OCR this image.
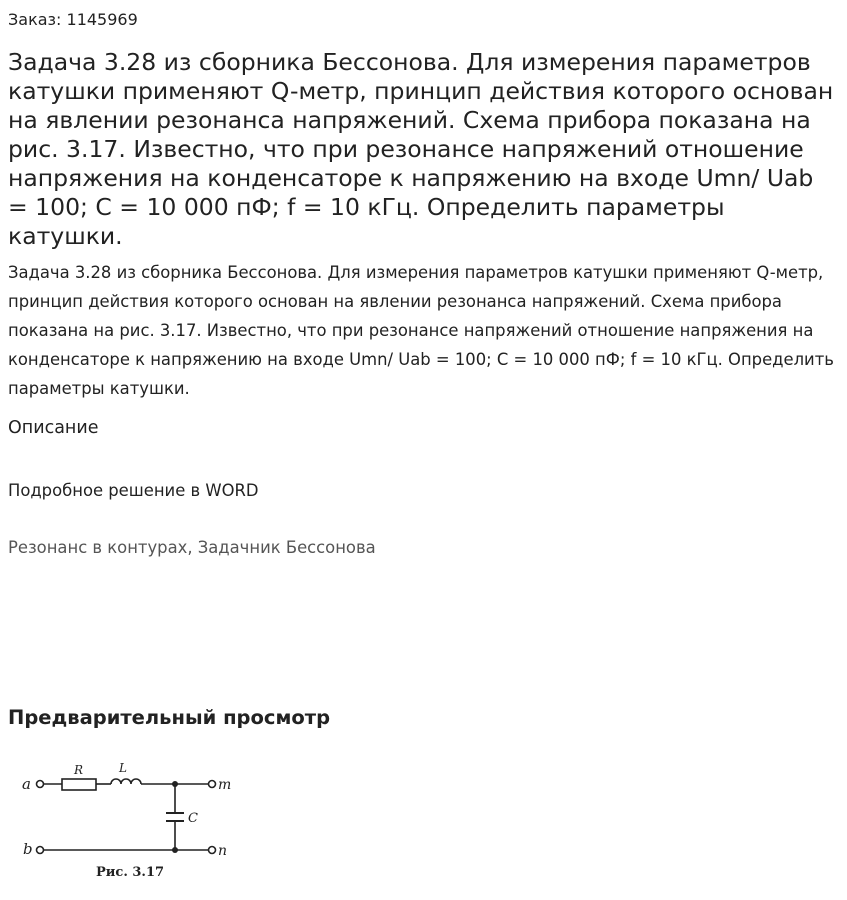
Заказ: 1145969
Задача 3.28 из сборника Бессонова. Для измерения параметров катушки применяют Q-метр, принцип действия которого основан на явлении резонанса напряжений. Схема прибора показана на рис. 3.17. Известно, что при резонансе напряжений отношение напряжения на конденсаторе к напряжению на входе Umn/ Uab = 100; С = 10 000 пФ; f = 10 кГц. Определить параметры катушки.

Задача 3.28 из сборника Бессонова. Для измерения параметров катушки применяют Q-метр, принцип действия которого основан на явлении резонанса напряжений. Схема прибора показана на рис. 3.17. Известно, что при резонансе напряжений отношение напряжения на конденсаторе к напряжению на входе Umn/ Uab = 100; С = 10 000 пФ; f = 10 кГц. Определить параметры катушки.

Описание
Подробное решение в WORD
Резонанс в контурах, Задачник Бессонова
Предварительный просмотр
a
b
m
n
R	L
C
Рис. 3.17
